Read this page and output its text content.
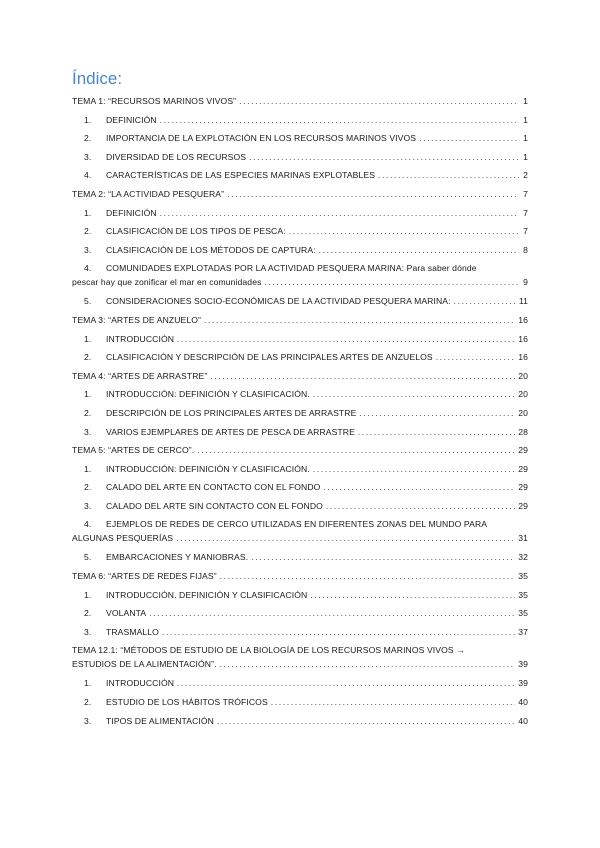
Índice:
TEMA 1: “RECURSOS MARINOS VIVOS” .....	1
1.	DEFINICIÓN .....	1
2.	IMPORTANCIA DE LA EXPLOTACIÓN EN LOS RECURSOS MARINOS VIVOS .....	1
3.	DIVERSIDAD DE LOS RECURSOS .....	1
4.	CARACTERÍSTICAS DE LAS ESPECIES MARINAS EXPLOTABLES .....	2
TEMA 2: “LA ACTIVIDAD PESQUERA” .....	7
1.	DEFINICIÓN .....	7
2.	CLASIFICACIÓN DE LOS TIPOS DE PESCA: .....	7
3.	CLASIFICACIÓN DE LOS MÉTODOS DE CAPTURA: .....	8
4.	COMUNIDADES EXPLOTADAS POR LA ACTIVIDAD PESQUERA MARINA: Para saber dónde
pescar hay que zonificar el mar en comunidades .....	9
5.	CONSIDERACIONES SOCIO-ECONÓMICAS DE LA ACTIVIDAD PESQUERA MARINA: .....	11
TEMA 3: “ARTES DE ANZUELO” .....	16
1.	INTRODUCCIÓN .....	16
2.	CLASIFICACIÓN Y DESCRIPCIÓN DE LAS PRINCIPALES ARTES DE ANZUELOS .....	16
TEMA 4: “ARTES DE ARRASTRE” .....	20
1.	INTRODUCCIÓN: DEFINICIÓN Y CLASIFICACIÓN. .....	20
2.	DESCRIPCIÓN DE LOS PRINCIPALES ARTES DE ARRASTRE .....	20
3.	VARIOS EJEMPLARES DE ARTES DE PESCA DE ARRASTRE .....	28
TEMA 5: “ARTES DE CERCO”. .....	29
1.	INTRODUCCIÓN: DEFINICIÓN Y CLASIFICACIÓN. .....	29
2.	CALADO DEL ARTE EN CONTACTO CON EL FONDO .....	29
3.	CALADO DEL ARTE SIN CONTACTO CON EL FONDO .....	29
4.	EJEMPLOS DE REDES DE CERCO UTILIZADAS EN DIFERENTES ZONAS DEL MUNDO PARA
ALGUNAS PESQUERÍAS .....	31
5.	EMBARCACIONES Y MANIOBRAS. .....	32
TEMA 6: “ARTES DE REDES FIJAS” .....	35
1.	INTRODUCCIÓN. DEFINICIÓN Y CLASIFICACIÓN .....	35
2.	VOLANTA .....	35
3.	TRASMALLO .....	37
TEMA 12.1: “MÉTODOS DE ESTUDIO DE LA BIOLOGÍA DE LOS RECURSOS MARINOS VIVOS →
ESTUDIOS DE LA ALIMENTACIÓN”. .....	39
1.	INTRODUCCIÓN .....	39
2.	ESTUDIO DE LOS HÁBITOS TRÓFICOS .....	40
3.	TIPOS DE ALIMENTACIÓN .....	40
